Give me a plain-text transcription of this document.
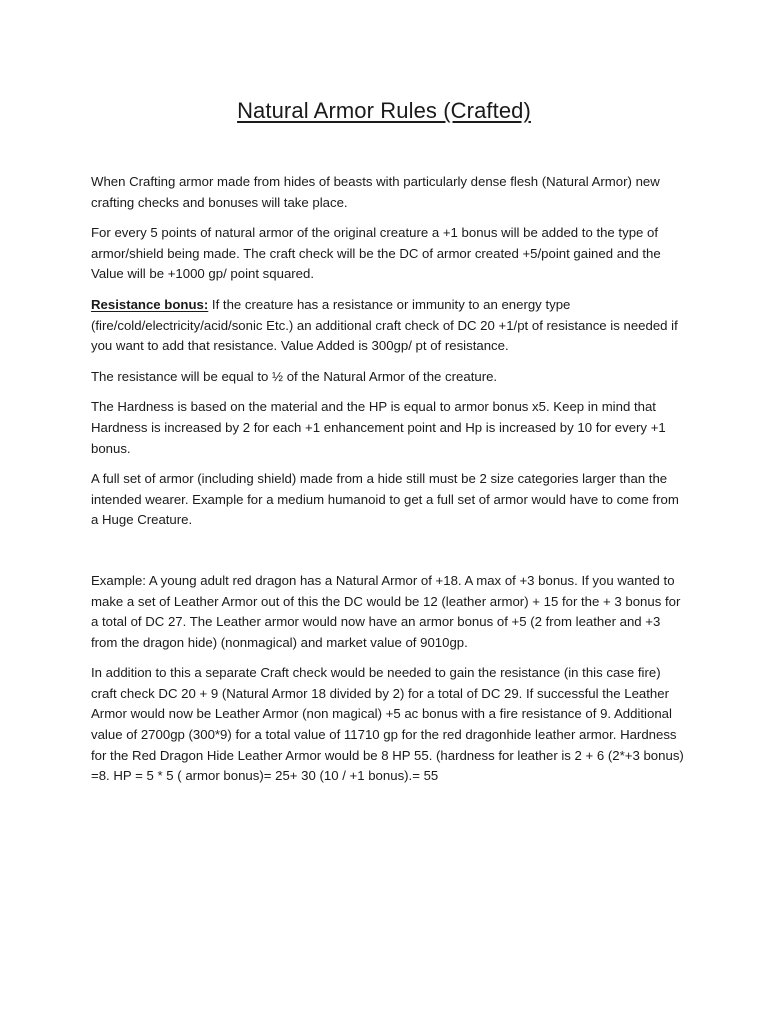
Natural Armor Rules (Crafted)

When Crafting armor made from hides of beasts with particularly dense flesh (Natural Armor) new crafting checks and bonuses will take place.

For every 5 points of natural armor of the original creature a +1 bonus will be added to the type of armor/shield being made. The craft check will be the DC of armor created +5/point gained and the Value will be +1000 gp/ point squared.

Resistance bonus: If the creature has a resistance or immunity to an energy type (fire/cold/electricity/acid/sonic Etc.) an additional craft check of DC 20 +1/pt of resistance is needed if you want to add that resistance. Value Added is 300gp/ pt of resistance.

The resistance will be equal to ½ of the Natural Armor of the creature.

The Hardness is based on the material and the HP is equal to armor bonus x5. Keep in mind that Hardness is increased by 2 for each +1 enhancement point and Hp is increased by 10 for every +1 bonus.

A full set of armor (including shield) made from a hide still must be 2 size categories larger than the intended wearer. Example for a medium humanoid to get a full set of armor would have to come from a Huge Creature.

Example: A young adult red dragon has a Natural Armor of +18. A max of +3 bonus. If you wanted to make a set of Leather Armor out of this the DC would be 12 (leather armor) + 15 for the + 3 bonus for a total of DC 27. The Leather armor would now have an armor bonus of +5 (2 from leather and +3 from the dragon hide) (nonmagical) and market value of 9010gp.

In addition to this a separate Craft check would be needed to gain the resistance (in this case fire) craft check DC 20 + 9 (Natural Armor 18 divided by 2) for a total of DC 29. If successful the Leather Armor would now be Leather Armor (non magical) +5 ac bonus with a fire resistance of 9. Additional value of 2700gp (300*9) for a total value of 11710 gp for the red dragonhide leather armor. Hardness for the Red Dragon Hide Leather Armor would be 8 HP 55. (hardness for leather is 2 + 6 (2*+3 bonus) =8. HP = 5 * 5 ( armor bonus)= 25+ 30 (10 / +1 bonus).= 55
